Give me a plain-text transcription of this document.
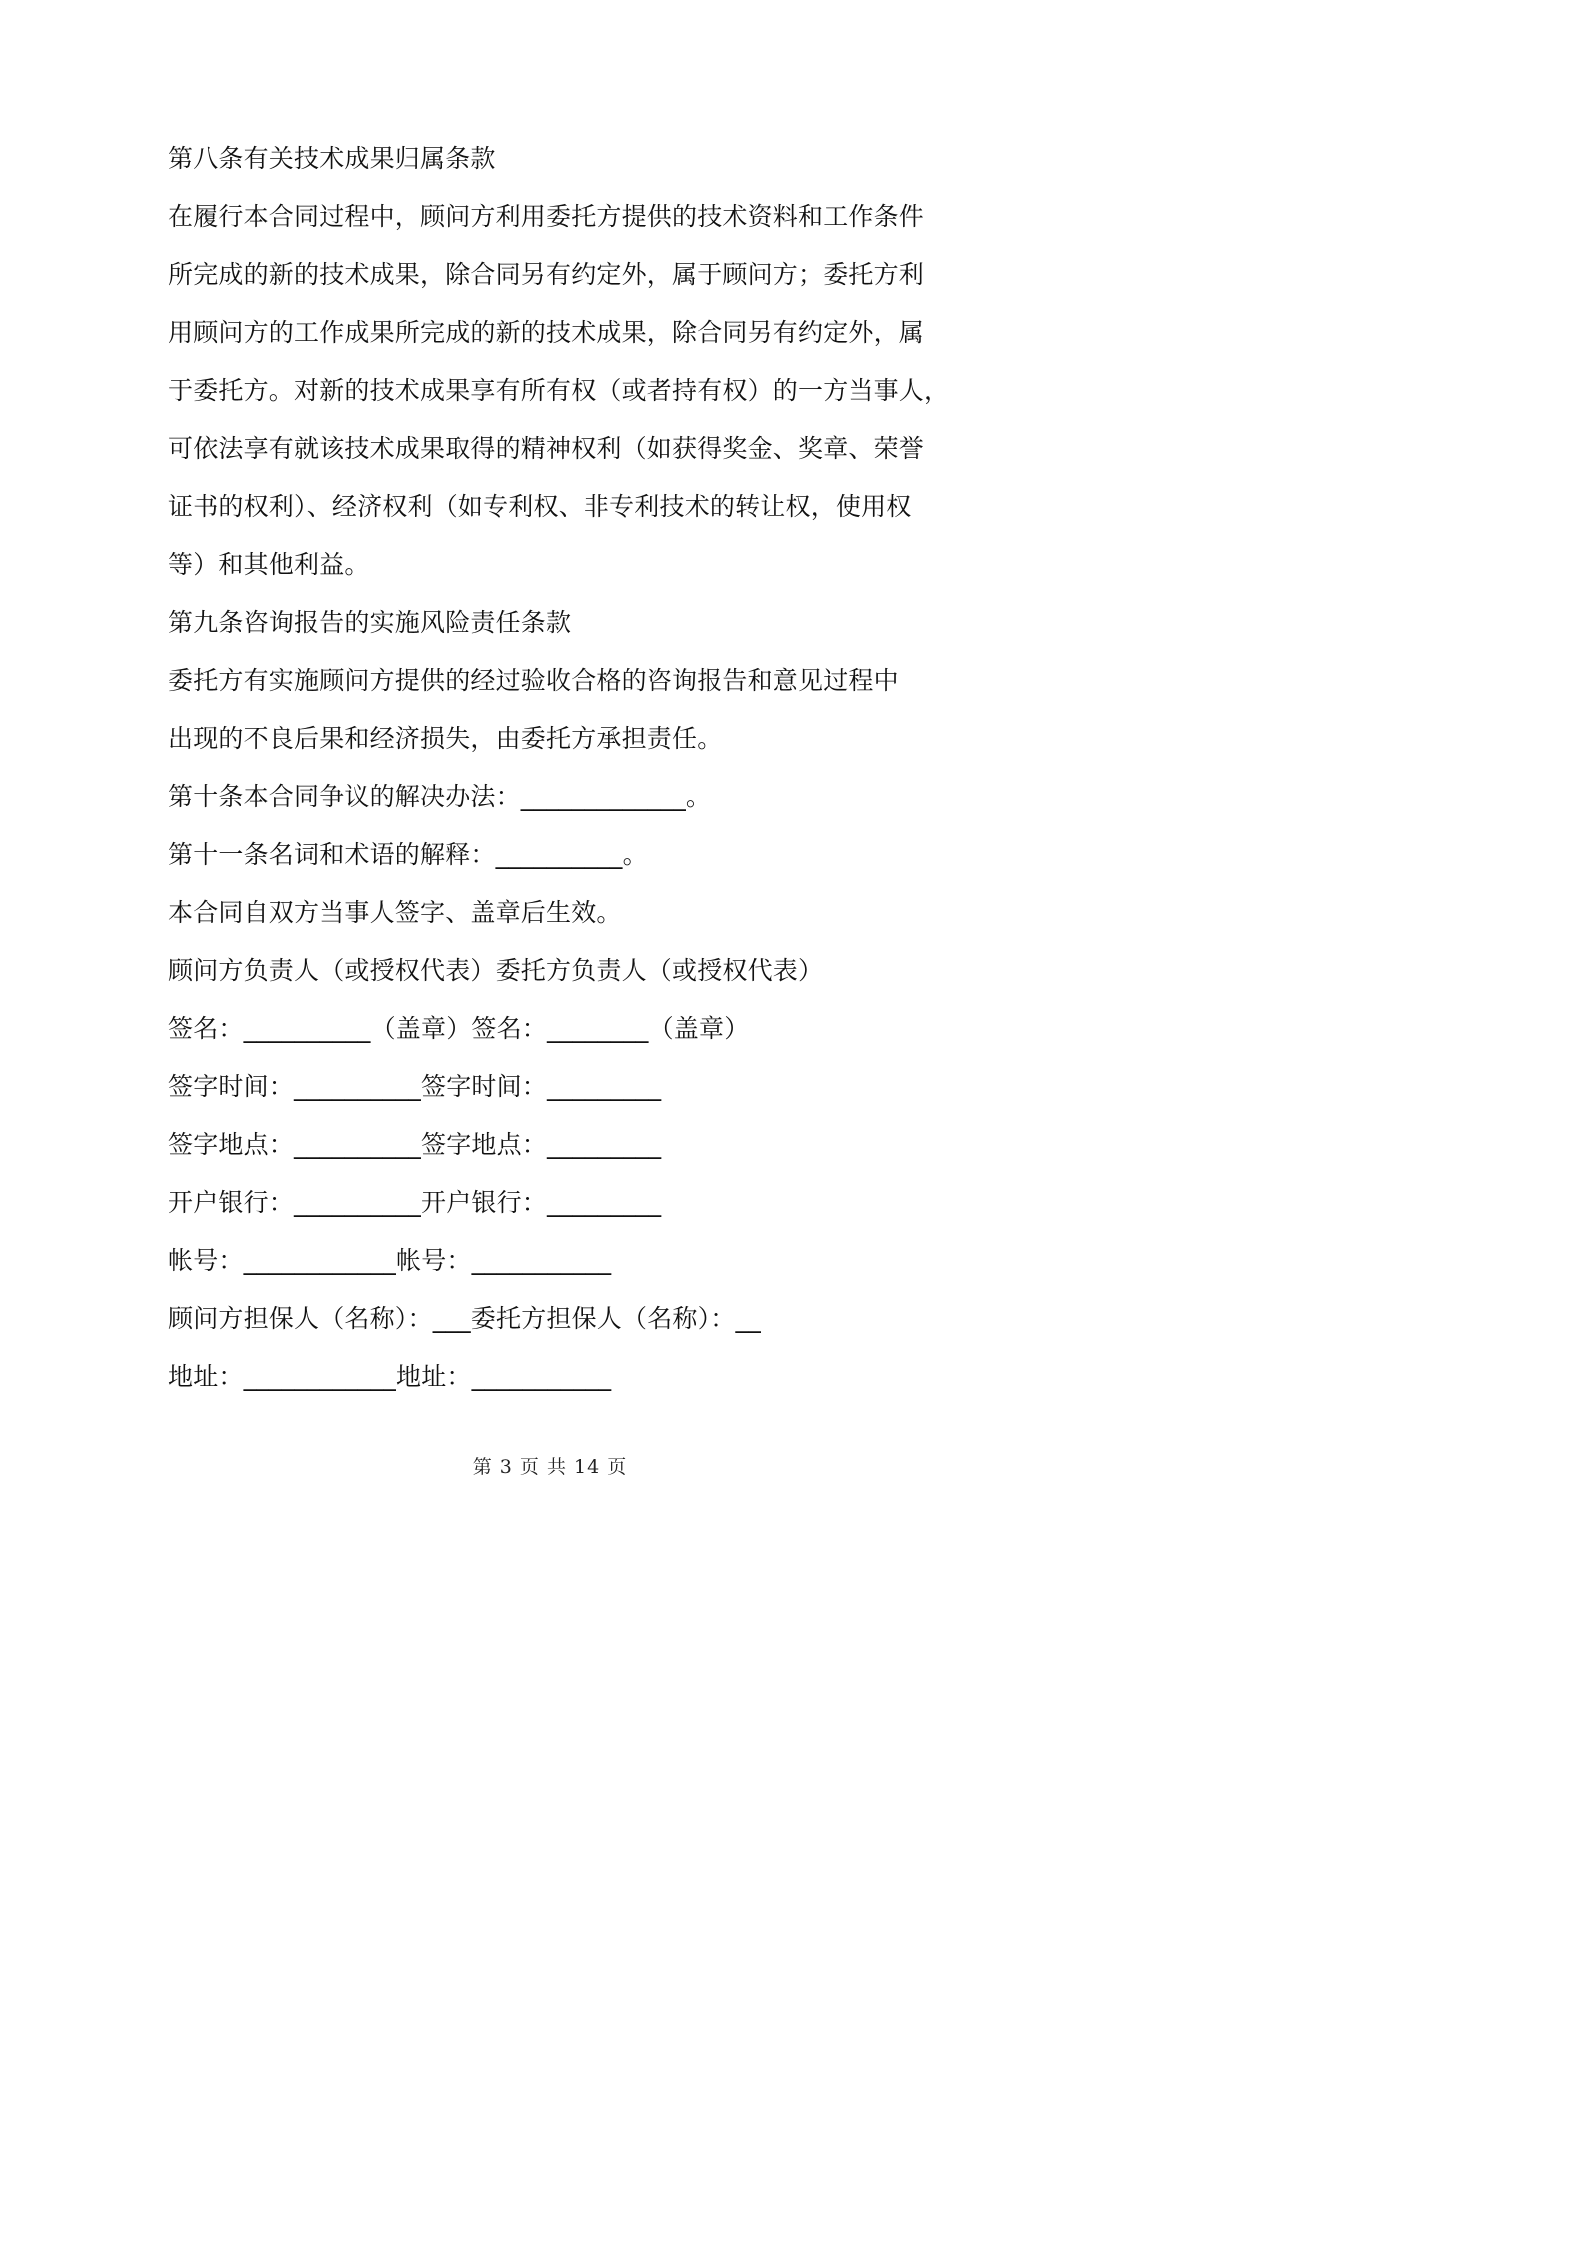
第八条有关技术成果归属条款
在履行本合同过程中，顾问方利用委托方提供的技术资料和工作条件
所完成的新的技术成果，除合同另有约定外，属于顾问方；委托方利
用顾问方的工作成果所完成的新的技术成果，除合同另有约定外，属
于委托方。对新的技术成果享有所有权（或者持有权）的一方当事人，
可依法享有就该技术成果取得的精神权利（如获得奖金、奖章、荣誉
证书的权利）、经济权利（如专利权、非专利技术的转让权，使用权
等）和其他利益。
第九条咨询报告的实施风险责任条款
委托方有实施顾问方提供的经过验收合格的咨询报告和意见过程中
出现的不良后果和经济损失，由委托方承担责任。
第十条本合同争议的解决办法：_____________。
第十一条名词和术语的解释：__________。
本合同自双方当事人签字、盖章后生效。
顾问方负责人（或授权代表）委托方负责人（或授权代表）
签名：__________（盖章）签名：________（盖章）
签字时间：__________签字时间：_________
签字地点：__________签字地点：_________
开户银行：__________开户银行：_________
帐号：____________帐号：___________
顾问方担保人（名称）：___委托方担保人（名称）：__
地址：____________地址：___________
第 3 页 共 14 页
